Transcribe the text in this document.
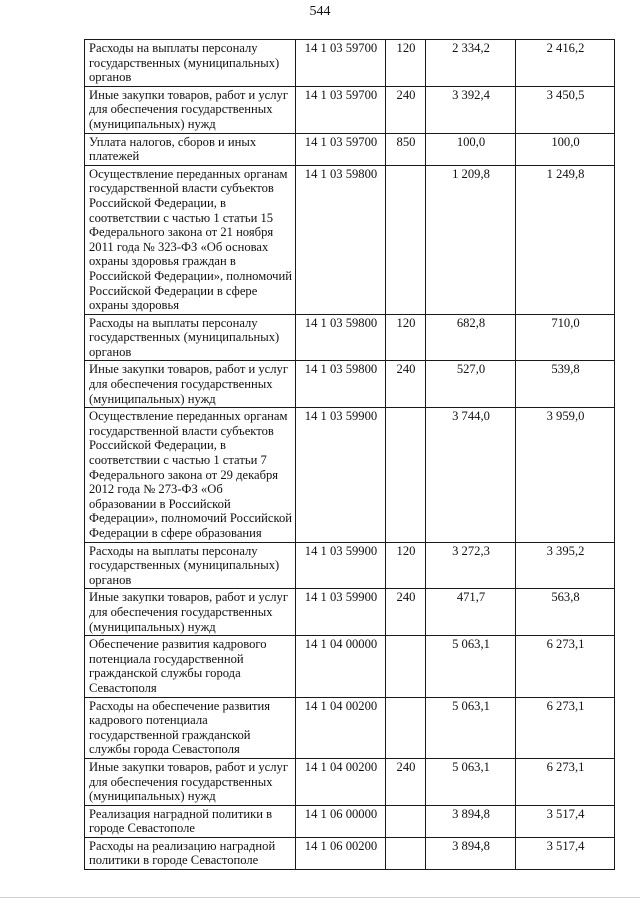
544
Расходы на выплаты персоналу государственных (муниципальных) органов	14 1 03 59700	120	2 334,2	2 416,2
Иные закупки товаров, работ и услуг для обеспечения государственных (муниципальных) нужд	14 1 03 59700	240	3 392,4	3 450,5
Уплата налогов, сборов и иных платежей	14 1 03 59700	850	100,0	100,0
Осуществление переданных органам государственной власти субъектов Российской Федерации, в соответствии с частью 1 статьи 15 Федерального закона от 21 ноября 2011 года № 323-ФЗ «Об основах охраны здоровья граждан в Российской Федерации», полномочий Российской Федерации в сфере охраны здоровья	14 1 03 59800		1 209,8	1 249,8
Расходы на выплаты персоналу государственных (муниципальных) органов	14 1 03 59800	120	682,8	710,0
Иные закупки товаров, работ и услуг для обеспечения государственных (муниципальных) нужд	14 1 03 59800	240	527,0	539,8
Осуществление переданных органам государственной власти субъектов Российской Федерации, в соответствии с частью 1 статьи 7 Федерального закона от 29 декабря 2012 года № 273-ФЗ «Об образовании в Российской Федерации», полномочий Российской Федерации в сфере образования	14 1 03 59900		3 744,0	3 959,0
Расходы на выплаты персоналу государственных (муниципальных) органов	14 1 03 59900	120	3 272,3	3 395,2
Иные закупки товаров, работ и услуг для обеспечения государственных (муниципальных) нужд	14 1 03 59900	240	471,7	563,8
Обеспечение развития кадрового потенциала государственной гражданской службы города Севастополя	14 1 04 00000		5 063,1	6 273,1
Расходы на обеспечение развития кадрового потенциала государственной гражданской службы города Севастополя	14 1 04 00200		5 063,1	6 273,1
Иные закупки товаров, работ и услуг для обеспечения государственных (муниципальных) нужд	14 1 04 00200	240	5 063,1	6 273,1
Реализация наградной политики в городе Севастополе	14 1 06 00000		3 894,8	3 517,4
Расходы на реализацию наградной политики в городе Севастополе	14 1 06 00200		3 894,8	3 517,4
